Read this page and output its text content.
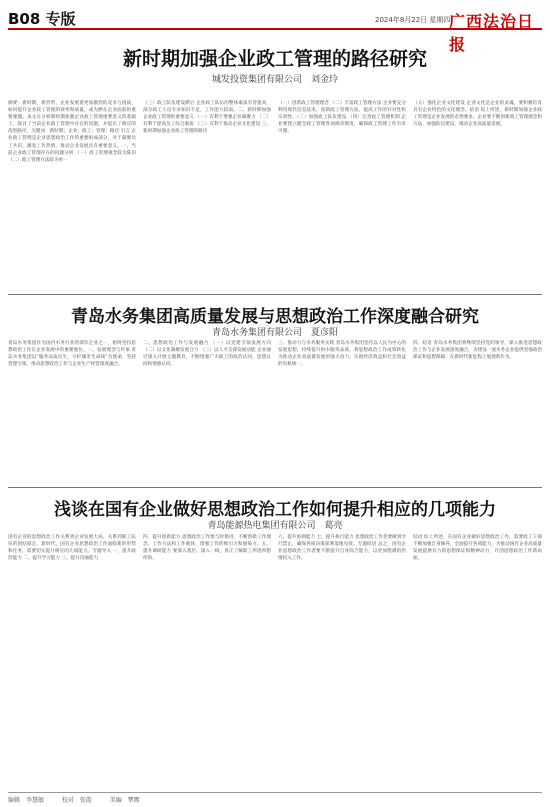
B08 专版	2024年8月22日 星期四
广西法治日报
新时期加强企业政工管理的路径研究
城发投资集团有限公司　刘金玲
摘要：新时期，新形势，企业发展着更加激烈的竞争与挑战，如何提升企业政工管理的效率和质量，成为摆在企业面前的重要课题。本文在分析新时期加强企业政工管理重要意义的基础上，探讨了当前企业政工管理中存在的问题，并提出了相应的改进路径。关键词：新时期；企业；政工；管理；路径 引言 企业政工管理是企业思想政治工作的重要组成部分，对于凝聚员工共识，激发工作热情，推动企业发展具有重要意义。一、当前企业政工管理存在的问题分析 （一）政工管理观念较为陈旧 （二）政工管理方法较为单一
（三）政工队伍建设滞后 企业政工队伍的整体素质有待提高，部分政工人员专业知识不足，工作能力较弱。二、新时期加强企业政工管理的重要意义 （一）有利于增强企业凝聚力 （二）有利于提高员工综合素质 （三）有利于推动企业文化建设 三、新时期加强企业政工管理的路径
（一）创新政工管理理念 （二）丰富政工管理方法 企业要充分利用现代信息技术，创新政工管理方法，提高工作的针对性和实效性。（三）加强政工队伍建设 （四）完善政工管理机制 企业要建立健全政工管理各项规章制度，确保政工管理工作有章可循。
（五）强化企业文化建设 企业文化是企业的灵魂，要积极培育具有企业特色的文化理念。结语 综上所述，新时期加强企业政工管理是企业发展的必然要求，企业要不断创新政工管理理念和方法，加强队伍建设，推动企业高质量发展。
青岛水务集团高质量发展与思想政治工作深度融合研究
青岛水务集团有限公司　夏彦阳
青岛水务集团作为国内水务行业的领军企业之一，始终坚持思想政治工作在企业发展中的重要地位。一、发展理念与传承 青岛水务集团以“服务品质民生，守护城市生命线”为使命，坚持党建引领，推动思想政治工作与企业生产经营深度融合。
二、思想政治工作与发展融合 （一）以党建引领发展方向 （二）以文化凝聚发展合力 （三）以人才支撑发展动能 企业通过深入开展主题教育，不断增强广大职工的政治认同、思想认同和情感认同。
三、推动力与水务服务实践 青岛水务集团坚持以人民为中心的发展思想，持续提升供水服务品质，将思想政治工作成效转化为推动企业高质量发展的强大动力，实现经济效益和社会效益的有机统一。
四、结语 青岛水务集团将继续坚持党的领导，深入推进思想政治工作与企业发展深度融合，为建设一流水务企业提供坚强政治保证和思想保障，在新时代新征程上展现新作为。
浅谈在国有企业做好思想政治工作如何提升相应的几项能力
青岛能源热电集团有限公司　葛亮
国有企业的思想政治工作关系到企业发展大局，关系到职工队伍的团结稳定。新时代，国有企业思想政治工作面临新的形势和任务，需要切实提升相应的几项能力。专题导入 一、提升政治能力 二、提升学习能力 三、提升沟通能力
四、提升创新能力 思想政治工作要与时俱进，不断创新工作理念、工作方法和工作载体，增强工作的吸引力和感染力。五、提升调研能力 要深入基层、深入一线，真正了解职工所思所想所盼。
六、提升协调能力 七、提升执行能力 思想政治工作者要做到令行禁止，确保各项决策部署落地见效。专题结语 总之，国有企业思想政治工作者要不断提升自身综合能力，以更加饱满的热情投入工作。
结语 综上所述，在国有企业做好思想政治工作，需要政工干部不断加强自身修养，全面提升各项能力，为推动国有企业高质量发展提供有力的思想保证和精神动力，开创思想政治工作新局面。
编辑　李慧敏	校对　张霞	美编　覃鹰
